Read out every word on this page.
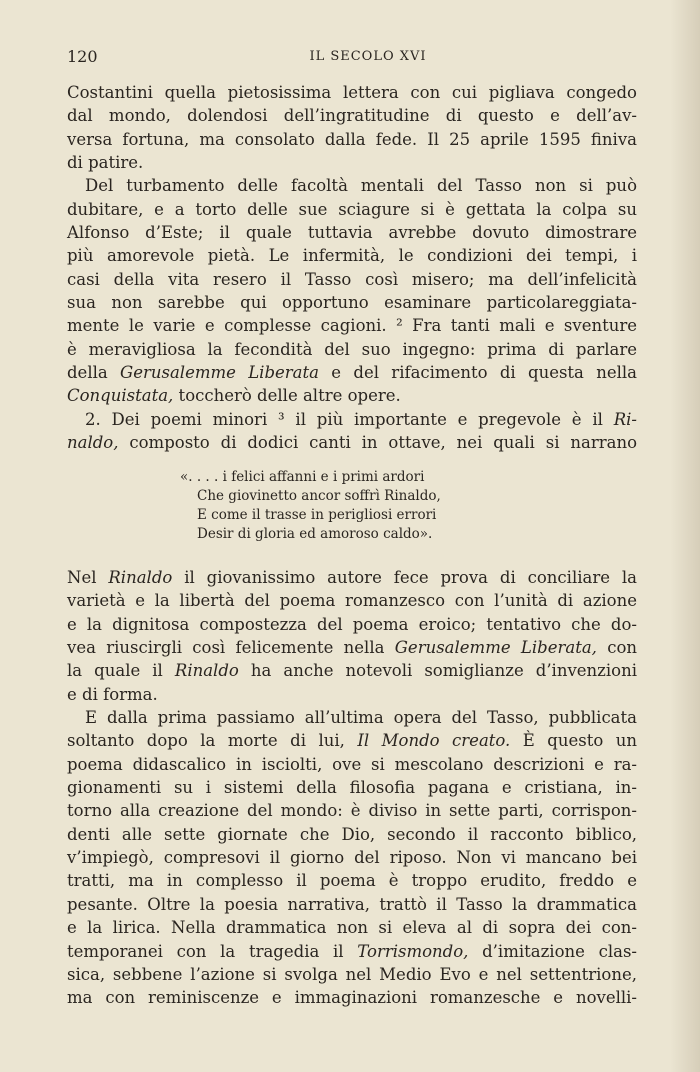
120	IL SECOLO XVI
Costantini quella pietosissima lettera con cui pigliava congedo
dal mondo, dolendosi dell’ingratitudine di questo e dell’av-
versa fortuna, ma consolato dalla fede. Il 25 aprile 1595 finiva
di patire.
Del turbamento delle facoltà mentali del Tasso non si può
dubitare, e a torto delle sue sciagure si è gettata la colpa su
Alfonso d’Este; il quale tuttavia avrebbe dovuto dimostrare
più amorevole pietà. Le infermità, le condizioni dei tempi, i
casi della vita resero il Tasso così misero; ma dell’infelicità
sua non sarebbe qui opportuno esaminare particolareggiata-
mente le varie e complesse cagioni. ² Fra tanti mali e sventure
è meravigliosa la fecondità del suo ingegno: prima di parlare
della Gerusalemme Liberata e del rifacimento di questa nella
Conquistata, toccherò delle altre opere.
2. Dei poemi minori ³ il più importante e pregevole è il Ri-
naldo, composto di dodici canti in ottave, nei quali si narrano
«. . . . i felici affanni e i primi ardori
Che giovinetto ancor soffrì Rinaldo,
E come il trasse in perigliosi errori
Desir di gloria ed amoroso caldo».
Nel Rinaldo il giovanissimo autore fece prova di conciliare la
varietà e la libertà del poema romanzesco con l’unità di azione
e la dignitosa compostezza del poema eroico; tentativo che do-
vea riuscirgli così felicemente nella Gerusalemme Liberata, con
la quale il Rinaldo ha anche notevoli somiglianze d’invenzioni
e di forma.
E dalla prima passiamo all’ultima opera del Tasso, pubblicata
soltanto dopo la morte di lui, Il Mondo creato. È questo un
poema didascalico in isciolti, ove si mescolano descrizioni e ra-
gionamenti su i sistemi della filosofia pagana e cristiana, in-
torno alla creazione del mondo: è diviso in sette parti, corrispon-
denti alle sette giornate che Dio, secondo il racconto biblico,
v’impiegò, compresovi il giorno del riposo. Non vi mancano bei
tratti, ma in complesso il poema è troppo erudito, freddo e
pesante. Oltre la poesia narrativa, trattò il Tasso la drammatica
e la lirica. Nella drammatica non si eleva al di sopra dei con-
temporanei con la tragedia il Torrismondo, d’imitazione clas-
sica, sebbene l’azione si svolga nel Medio Evo e nel settentrione,
ma con reminiscenze e immaginazioni romanzesche e novelli-
